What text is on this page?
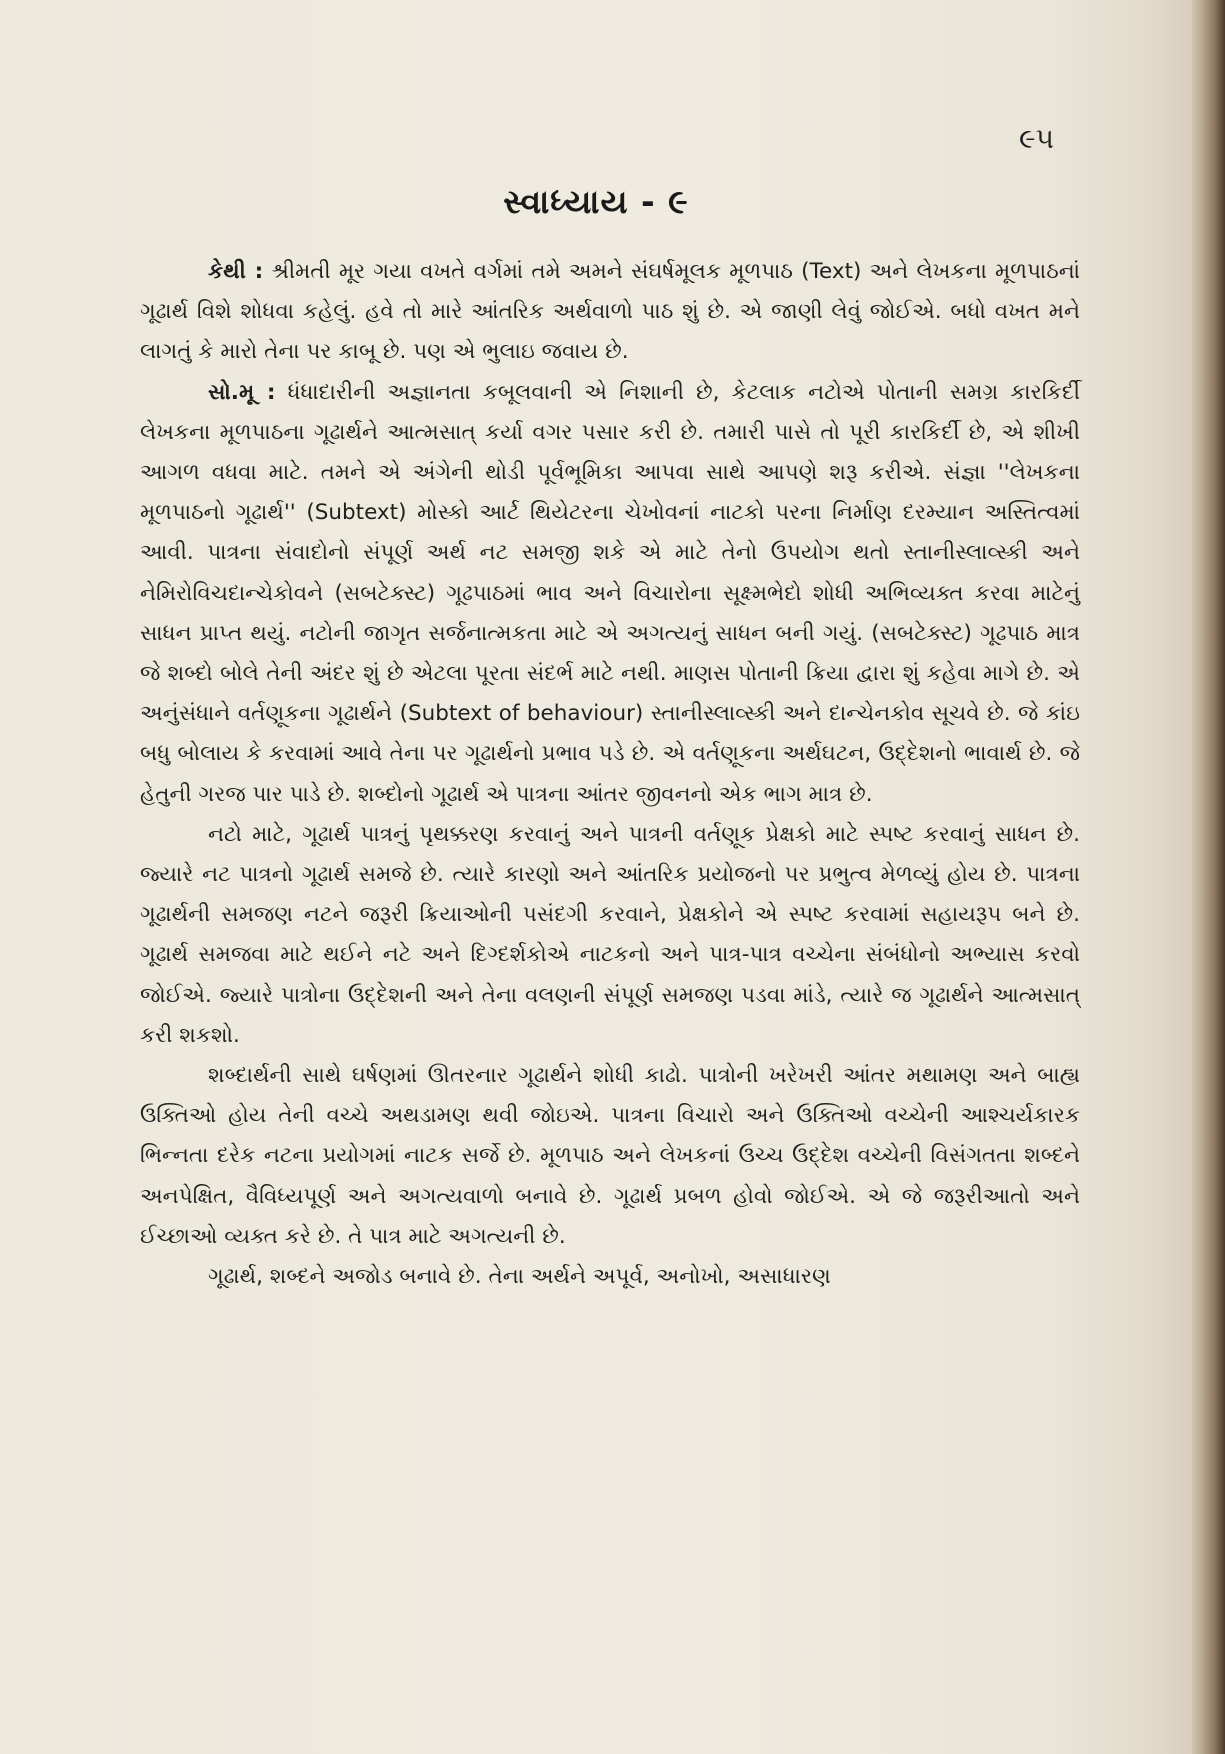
૯૫
સ્વાધ્યાય - ૯

કેથી : શ્રીમતી મૂર ગયા વખતે વર્ગમાં તમે અમને સંઘર્ષમૂલક મૂળપાઠ (Text) અને લેખકના મૂળપાઠનાં ગૂઢાર્થ વિશે શોધવા કહેલું. હવે તો મારે આંતરિક અર્થવાળો પાઠ શું છે. એ જાણી લેવું જોઈએ. બધો વખત મને લાગતું કે મારો તેના પર કાબૂ છે. પણ એ ભુલાઇ જવાય છે.

સો.મૂ : ધંધાદારીની અજ્ઞાનતા કબૂલવાની એ નિશાની છે, કેટલાક નટોએ પોતાની સમગ્ર કારકિર્દી લેખકના મૂળપાઠના ગૂઢાર્થને આત્મસાત્ કર્યા વગર પસાર કરી છે. તમારી પાસે તો પૂરી કારકિર્દી છે, એ શીખી આગળ વધવા માટે. તમને એ અંગેની થોડી પૂર્વભૂમિકા આપવા સાથે આપણે શરૂ કરીએ. સંજ્ઞા ''લેખકના મૂળપાઠનો ગૂઢાર્થ'' (Subtext) મોસ્કો આર્ટ થિયેટરના ચેખોવનાં નાટકો પરના નિર્માણ દરમ્યાન અસ્તિત્વમાં આવી. પાત્રના સંવાદોનો સંપૂર્ણ અર્થ નટ સમજી શકે એ માટે તેનો ઉપયોગ થતો સ્તાનીસ્લાવ્સ્કી અને નેમિરોવિચદાન્ચેકોવને (સબટેક્સ્ટ) ગૂઢપાઠમાં ભાવ અને વિચારોના સૂક્ષ્મભેદો શોધી અભિવ્યક્ત કરવા માટેનું સાધન પ્રાપ્ત થયું. નટોની જાગૃત સર્જનાત્મકતા માટે એ અગત્યનું સાધન બની ગયું. (સબટેક્સ્ટ) ગૂઢપાઠ માત્ર જે શબ્દો બોલે તેની અંદર શું છે એટલા પૂરતા સંદર્ભ માટે નથી. માણસ પોતાની ક્રિયા દ્વારા શું કહેવા માગે છે. એ અનુંસંધાને વર્તણૂકના ગૂઢાર્થને (Subtext of behaviour) સ્તાનીસ્લાવ્સ્કી અને દાન્ચેનકોવ સૂચવે છે. જે કાંઇ બધુ બોલાય કે કરવામાં આવે તેના પર ગૂઢાર્થનો પ્રભાવ પડે છે. એ વર્તણૂકના અર્થઘટન, ઉદ્દેશનો ભાવાર્થ છે. જે હેતુની ગરજ પાર પાડે છે. શબ્દોનો ગૂઢાર્થ એ પાત્રના આંતર જીવનનો એક ભાગ માત્ર છે.

નટો માટે, ગૂઢાર્થ પાત્રનું પૃથક્કરણ કરવાનું અને પાત્રની વર્તણૂક પ્રેક્ષકો માટે સ્પષ્ટ કરવાનું સાધન છે. જ્યારે નટ પાત્રનો ગૂઢાર્થ સમજે છે. ત્યારે કારણો અને આંતરિક પ્રયોજનો પર પ્રભુત્વ મેળવ્યું હોય છે. પાત્રના ગૂઢાર્થની સમજણ નટને જરૂરી ક્રિયાઓની પસંદગી કરવાને, પ્રેક્ષકોને એ સ્પષ્ટ કરવામાં સહાયરૂપ બને છે. ગૂઢાર્થ સમજવા માટે થઈને નટે અને દિગ્દર્શકોએ નાટકનો અને પાત્ર-પાત્ર વચ્ચેના સંબંધોનો અભ્યાસ કરવો જોઈએ. જ્યારે પાત્રોના ઉદ્દેશની અને તેના વલણની સંપૂર્ણ સમજણ પડવા માંડે, ત્યારે જ ગૂઢાર્થને આત્મસાત્ કરી શકશો.

શબ્દાર્થની સાથે ઘર્ષણમાં ઊતરનાર ગૂઢાર્થને શોધી કાઢો. પાત્રોની ખરેખરી આંતર મથામણ અને બાહ્ય ઉક્તિઓ હોય તેની વચ્ચે અથડામણ થવી જોઇએ. પાત્રના વિચારો અને ઉક્તિઓ વચ્ચેની આશ્ચર્યકારક ભિન્નતા દરેક નટના પ્રયોગમાં નાટક સર્જે છે. મૂળપાઠ અને લેખકનાં ઉચ્ચ ઉદ્દેશ વચ્ચેની વિસંગતતા શબ્દને અનપેક્ષિત, વૈવિધ્યપૂર્ણ અને અગત્યવાળો બનાવે છે. ગૂઢાર્થ પ્રબળ હોવો જોઈએ. એ જે જરૂરીઆતો અને ઈચ્છાઓ વ્યક્ત કરે છે. તે પાત્ર માટે અગત્યની છે.

ગૂઢાર્થ, શબ્દને અજોડ બનાવે છે. તેના અર્થને અપૂર્વ, અનોખો, અસાધારણ
